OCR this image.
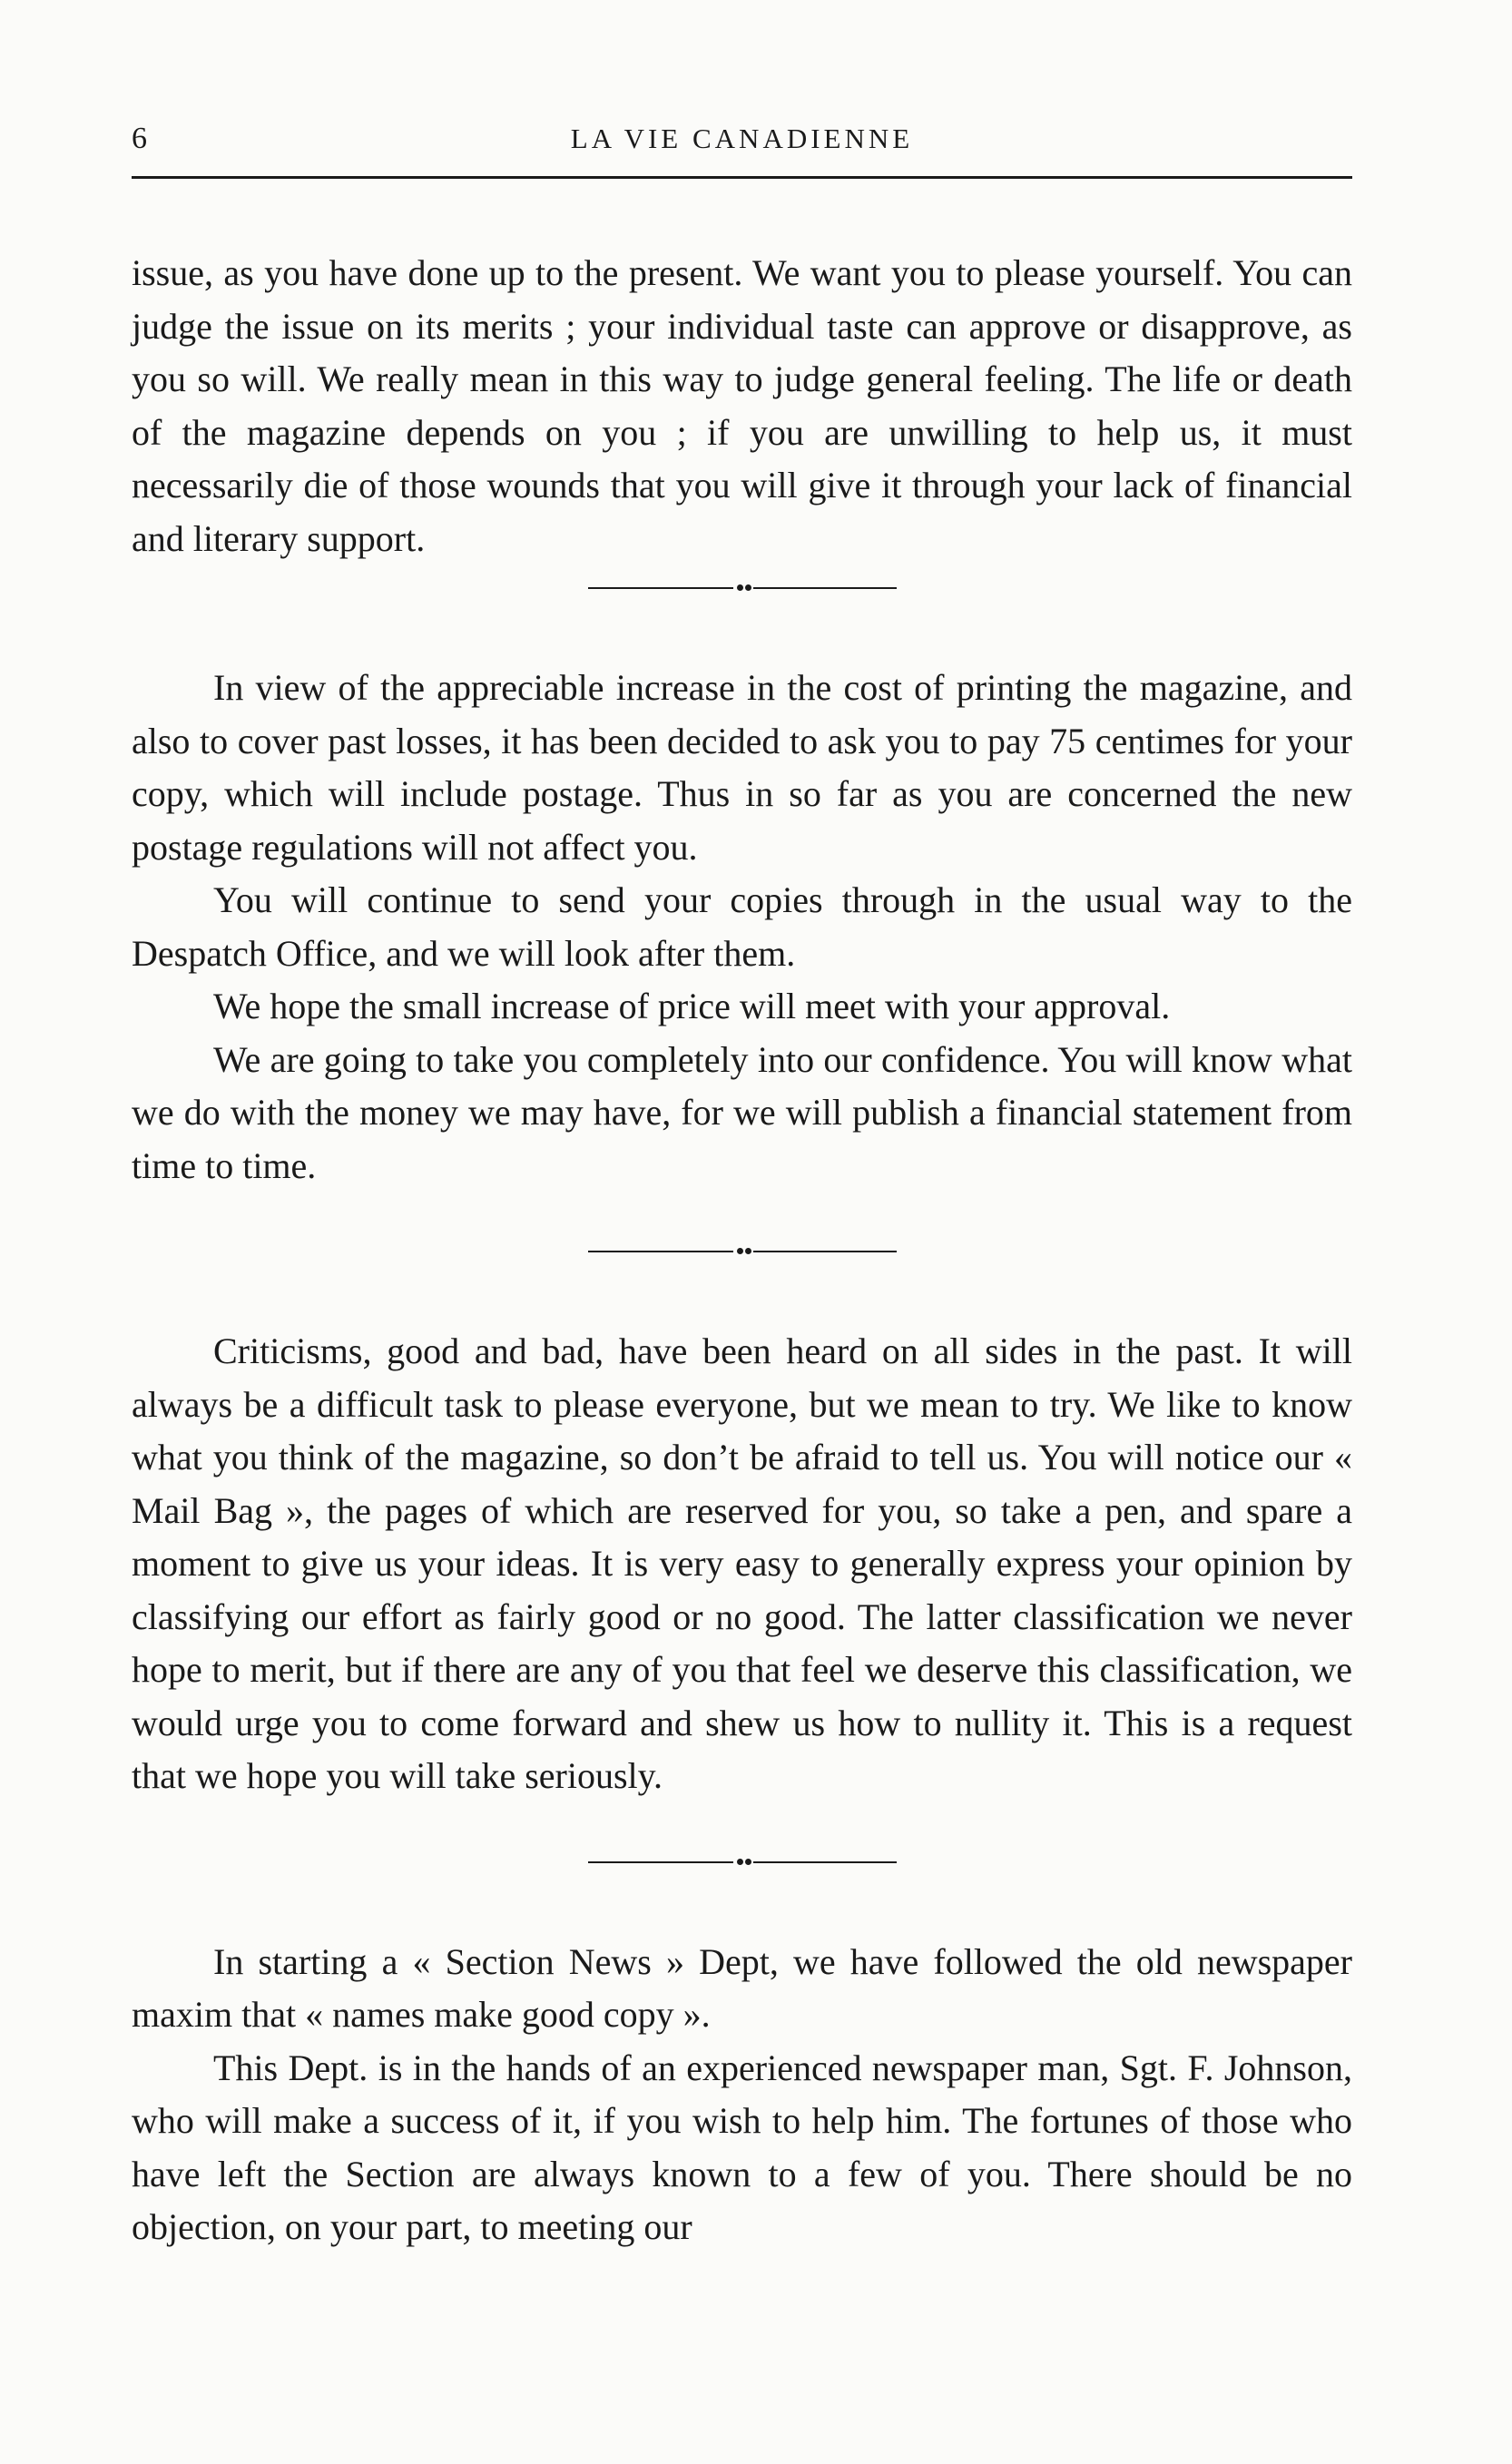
6	LA VIE CANADIENNE

issue, as you have done up to the present. We want you to please yourself. You can judge the issue on its merits ; your individual taste can approve or disapprove, as you so will. We really mean in this way to judge general feeling. The life or death of the magazine depends on you ; if you are unwilling to help us, it must necessarily die of those wounds that you will give it through your lack of financial and literary support.

In view of the appreciable increase in the cost of printing the magazine, and also to cover past losses, it has been decided to ask you to pay 75 centimes for your copy, which will include postage. Thus in so far as you are concerned the new postage regulations will not affect you.

You will continue to send your copies through in the usual way to the Despatch Office, and we will look after them.

We hope the small increase of price will meet with your approval.

We are going to take you completely into our confidence. You will know what we do with the money we may have, for we will publish a financial statement from time to time.

Criticisms, good and bad, have been heard on all sides in the past. It will always be a difficult task to please everyone, but we mean to try. We like to know what you think of the magazine, so don’t be afraid to tell us. You will notice our « Mail Bag », the pages of which are reserved for you, so take a pen, and spare a moment to give us your ideas. It is very easy to generally express your opinion by classifying our effort as fairly good or no good. The latter classification we never hope to merit, but if there are any of you that feel we deserve this classification, we would urge you to come forward and shew us how to nullity it. This is a request that we hope you will take seriously.

In starting a « Section News » Dept, we have followed the old newspaper maxim that « names make good copy ».

This Dept. is in the hands of an experienced newspaper man, Sgt. F. Johnson, who will make a success of it, if you wish to help him. The fortunes of those who have left the Section are always known to a few of you. There should be no objection, on your part, to meeting our
